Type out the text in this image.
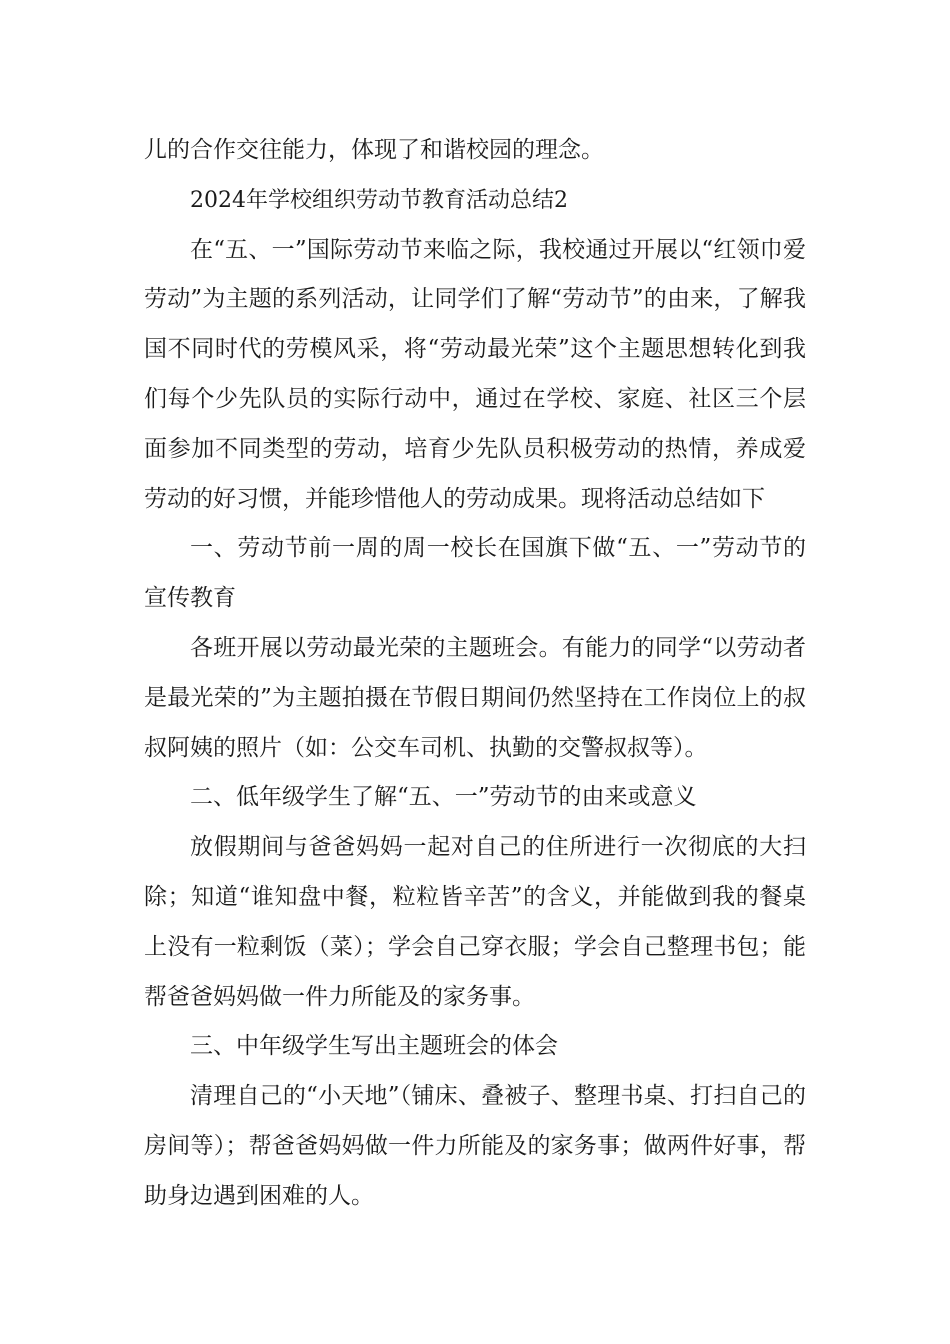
儿的合作交往能力，体现了和谐校园的理念。

2024年学校组织劳动节教育活动总结2

在“五、一”国际劳动节来临之际，我校通过开展以“红领巾爱劳动”为主题的系列活动，让同学们了解“劳动节”的由来，了解我国不同时代的劳模风采，将“劳动最光荣”这个主题思想转化到我们每个少先队员的实际行动中，通过在学校、家庭、社区三个层面参加不同类型的劳动，培育少先队员积极劳动的热情，养成爱劳动的好习惯，并能珍惜他人的劳动成果。现将活动总结如下

一、劳动节前一周的周一校长在国旗下做“五、一”劳动节的宣传教育

各班开展以劳动最光荣的主题班会。有能力的同学“以劳动者是最光荣的”为主题拍摄在节假日期间仍然坚持在工作岗位上的叔叔阿姨的照片（如：公交车司机、执勤的交警叔叔等）。

二、低年级学生了解“五、一”劳动节的由来或意义

放假期间与爸爸妈妈一起对自己的住所进行一次彻底的大扫除；知道“谁知盘中餐，粒粒皆辛苦”的含义，并能做到我的餐桌上没有一粒剩饭（菜）；学会自己穿衣服；学会自己整理书包；能帮爸爸妈妈做一件力所能及的家务事。

三、中年级学生写出主题班会的体会

清理自己的“小天地”（铺床、叠被子、整理书桌、打扫自己的房间等）；帮爸爸妈妈做一件力所能及的家务事；做两件好事，帮助身边遇到困难的人。
